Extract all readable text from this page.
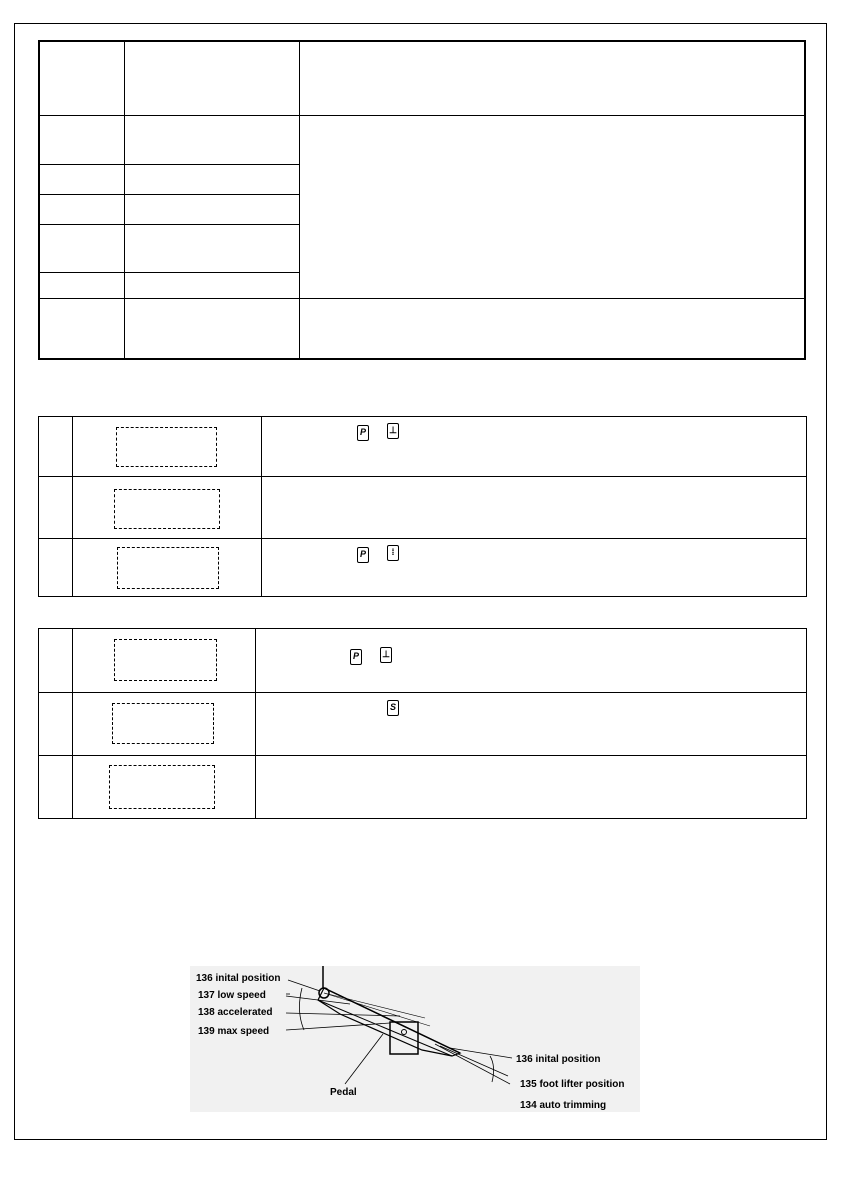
P	⊥
P	⁞
P	⊥
S
136 inital position
137 low speed
138 accelerated
139 max speed
Pedal
136 inital position
135 foot lifter position
134 auto trimming
